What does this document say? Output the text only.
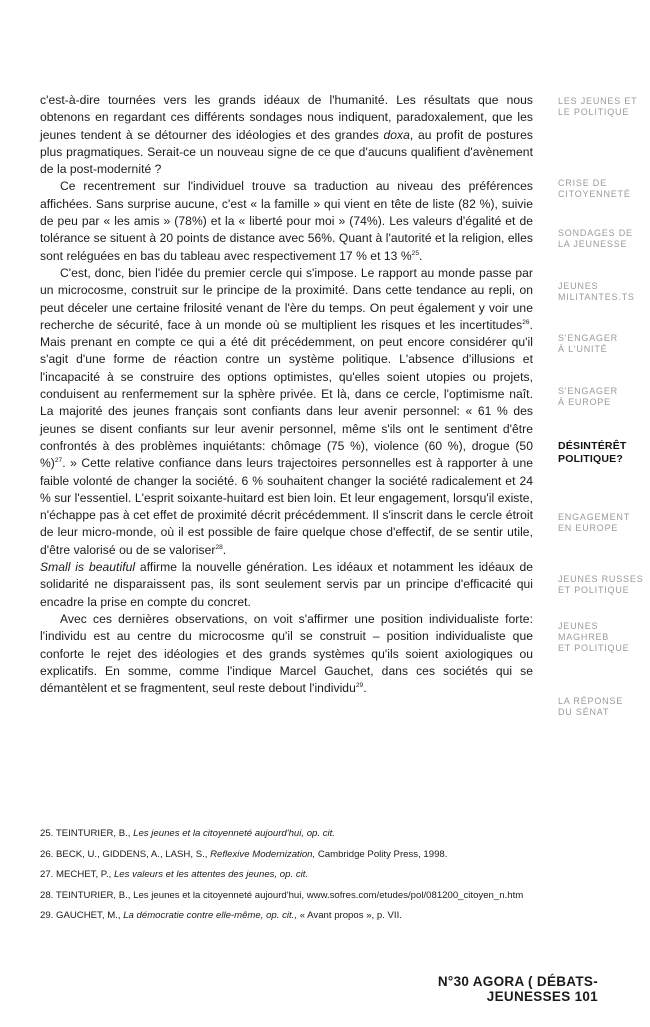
c'est-à-dire tournées vers les grands idéaux de l'humanité. Les résultats que nous obtenons en regardant ces différents sondages nous indiquent, paradoxalement, que les jeunes tendent à se détourner des idéologies et des grandes doxa, au profit de postures plus pragmatiques. Serait-ce un nouveau signe de ce que d'aucuns qualifient d'avènement de la post-modernité ?

Ce recentrement sur l'individuel trouve sa traduction au niveau des préférences affichées. Sans surprise aucune, c'est « la famille » qui vient en tête de liste (82 %), suivie de peu par « les amis » (78%) et la « liberté pour moi » (74%). Les valeurs d'égalité et de tolérance se situent à 20 points de distance avec 56%. Quant à l'autorité et la religion, elles sont reléguées en bas du tableau avec respectivement 17 % et 13 %$^{25}$.

C'est, donc, bien l'idée du premier cercle qui s'impose. Le rapport au monde passe par un microcosme, construit sur le principe de la proximité. Dans cette tendance au repli, on peut déceler une certaine frilosité venant de l'ère du temps. On peut également y voir une recherche de sécurité, face à un monde où se multiplient les risques et les incertitudes$^{26}$. Mais prenant en compte ce qui a été dit précédemment, on peut encore considérer qu'il s'agit d'une forme de réaction contre un système politique. L'absence d'illusions et l'incapacité à se construire des options optimistes, qu'elles soient utopies ou projets, conduisent au renfermement sur la sphère privée. Et là, dans ce cercle, l'optimisme naît. La majorité des jeunes français sont confiants dans leur avenir personnel: « 61 % des jeunes se disent confiants sur leur avenir personnel, même s'ils ont le sentiment d'être confrontés à des problèmes inquiétants: chômage (75 %), violence (60 %), drogue (50 %)$^{27}$. » Cette relative confiance dans leurs trajectoires personnelles est à rapporter à une faible volonté de changer la société. 6 % souhaitent changer la société radicalement et 24 % sur l'essentiel. L'esprit soixante-huitard est bien loin. Et leur engagement, lorsqu'il existe, n'échappe pas à cet effet de proximité décrit précédemment. Il s'inscrit dans le cercle étroit de leur micro-monde, où il est possible de faire quelque chose d'effectif, de se sentir utile, d'être valorisé ou de se valoriser$^{28}$.

Small is beautiful affirme la nouvelle génération. Les idéaux et notamment les idéaux de solidarité ne disparaissent pas, ils sont seulement servis par un principe d'efficacité qui encadre la prise en compte du concret.

Avec ces dernières observations, on voit s'affirmer une position individualiste forte: l'individu est au centre du microcosme qu'il se construit – position individualiste que conforte le rejet des idéologies et des grands systèmes qu'ils soient axiologiques ou explicatifs. En somme, comme l'indique Marcel Gauchet, dans ces sociétés qui se démantèlent et se fragmentent, seul reste debout l'individu$^{29}$.

LES JEUNES ET
LE POLITIQUE
CRISE DE
CITOYENNETÉ
SONDAGES DE
LA JEUNESSE
JEUNES
MILITANTES.TS
S'ENGAGER
À L'UNITÉ
S'ENGAGER
À EUROPE
DÉSINTÉRÊT
POLITIQUE?
ENGAGEMENT
EN EUROPE
JEUNES RUSSES
ET POLITIQUE
JEUNES MAGHREB
ET POLITIQUE
LA RÉPONSE
DU SÉNAT

25. TEINTURIER, B., Les jeunes et la citoyenneté aujourd'hui, op. cit.

26. BECK, U., GIDDENS, A., LASH, S., Reflexive Modernization, Cambridge Polity Press, 1998.

27. MECHET, P., Les valeurs et les attentes des jeunes, op. cit.

28. TEINTURIER, B., Les jeunes et la citoyenneté aujourd'hui, www.sofres.com/etudes/pol/081200_citoyen_n.htm

29. GAUCHET, M., La démocratie contre elle-même, op. cit., « Avant propos », p. VII.

N°30 AGORA ( DÉBATS-JEUNESSES 101
